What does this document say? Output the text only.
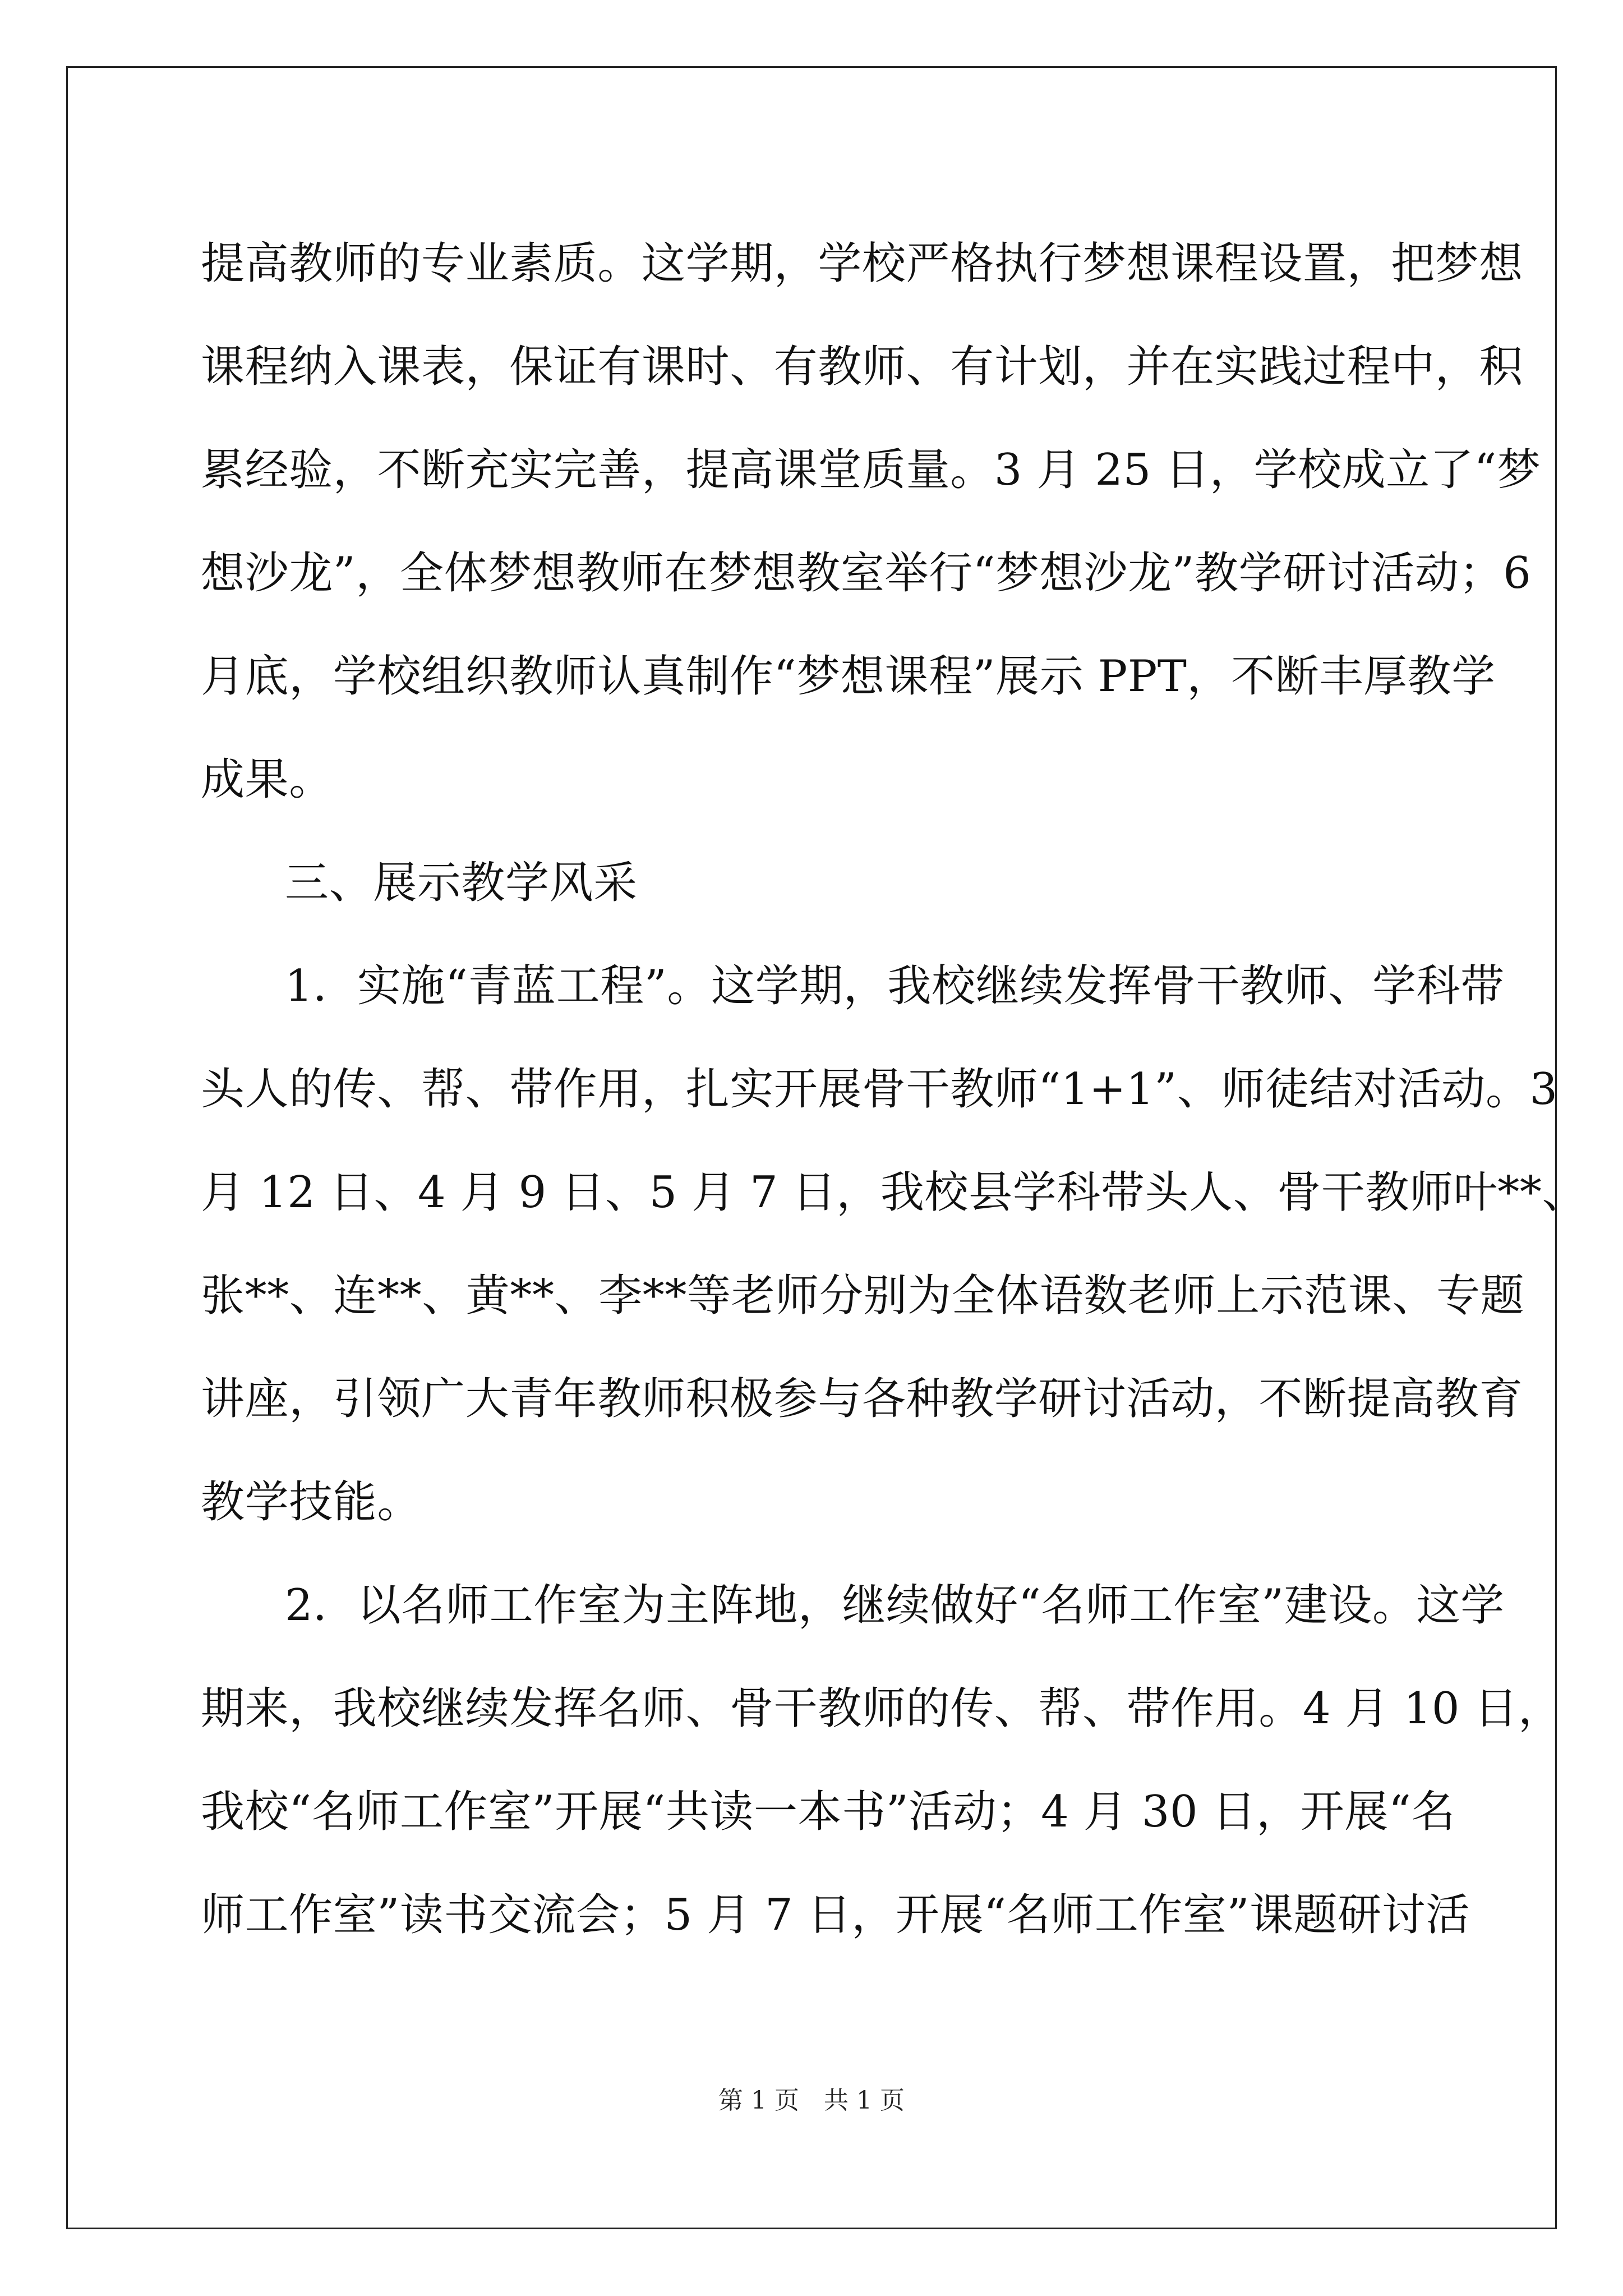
提高教师的专业素质。这学期，学校严格执行梦想课程设置，把梦想

课程纳入课表，保证有课时、有教师、有计划，并在实践过程中，积

累经验，不断充实完善，提高课堂质量。3 月 25 日，学校成立了“梦

想沙龙”，全体梦想教师在梦想教室举行“梦想沙龙”教学研讨活动；6

月底，学校组织教师认真制作“梦想课程”展示 PPT，不断丰厚教学

成果。

三、展示教学风采

1．实施“青蓝工程”。这学期，我校继续发挥骨干教师、学科带

头人的传、帮、带作用，扎实开展骨干教师“1+1”、师徒结对活动。3

月 12 日、4 月 9 日、5 月 7 日，我校县学科带头人、骨干教师叶**、

张**、连**、黄**、李**等老师分别为全体语数老师上示范课、专题

讲座，引领广大青年教师积极参与各种教学研讨活动，不断提高教育

教学技能。

2．以名师工作室为主阵地，继续做好“名师工作室”建设。这学

期来，我校继续发挥名师、骨干教师的传、帮、带作用。4 月 10 日，

我校“名师工作室”开展“共读一本书”活动；4 月 30 日，开展“名

师工作室”读书交流会；5 月 7 日，开展“名师工作室”课题研讨活

第 1 页　共 1 页
